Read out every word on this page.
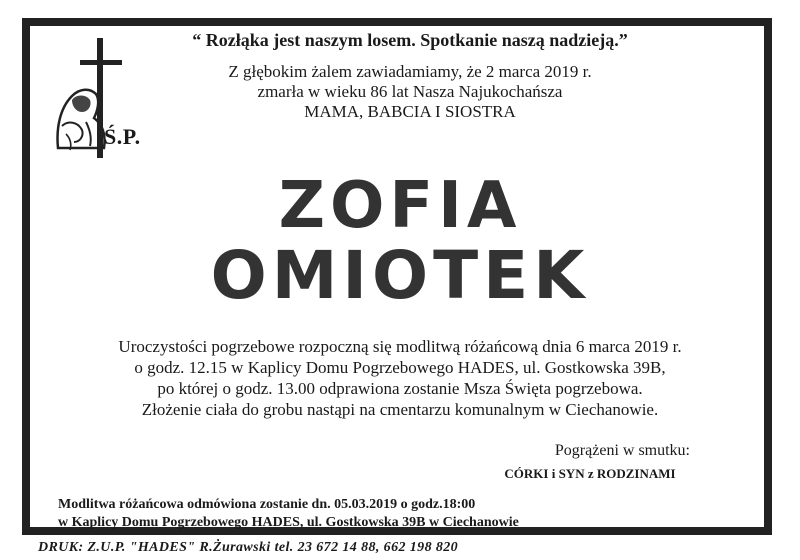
Ś.P.
“ Rozłąka jest naszym losem. Spotkanie naszą nadzieją.”
Z głębokim żalem zawiadamiamy, że 2 marca 2019 r.
zmarła w wieku 86 lat Nasza Najukochańsza
MAMA, BABCIA I SIOSTRA
ZOFIA
OMIOTEK
Uroczystości pogrzebowe rozpoczną się modlitwą różańcową dnia 6 marca 2019 r.
o godz. 12.15 w Kaplicy Domu Pogrzebowego HADES, ul. Gostkowska 39B,
po której o godz. 13.00 odprawiona zostanie Msza Święta pogrzebowa.
Złożenie ciała do grobu nastąpi na cmentarzu komunalnym w Ciechanowie.
Pogrążeni w smutku:
CÓRKI i SYN z RODZINAMI
Modlitwa różańcowa odmówiona zostanie dn. 05.03.2019 o godz.18:00
w Kaplicy Domu Pogrzebowego HADES, ul. Gostkowska 39B w Ciechanowie
DRUK: Z.U.P. "HADES" R.Żurawski tel. 23 672 14 88, 662 198 820
